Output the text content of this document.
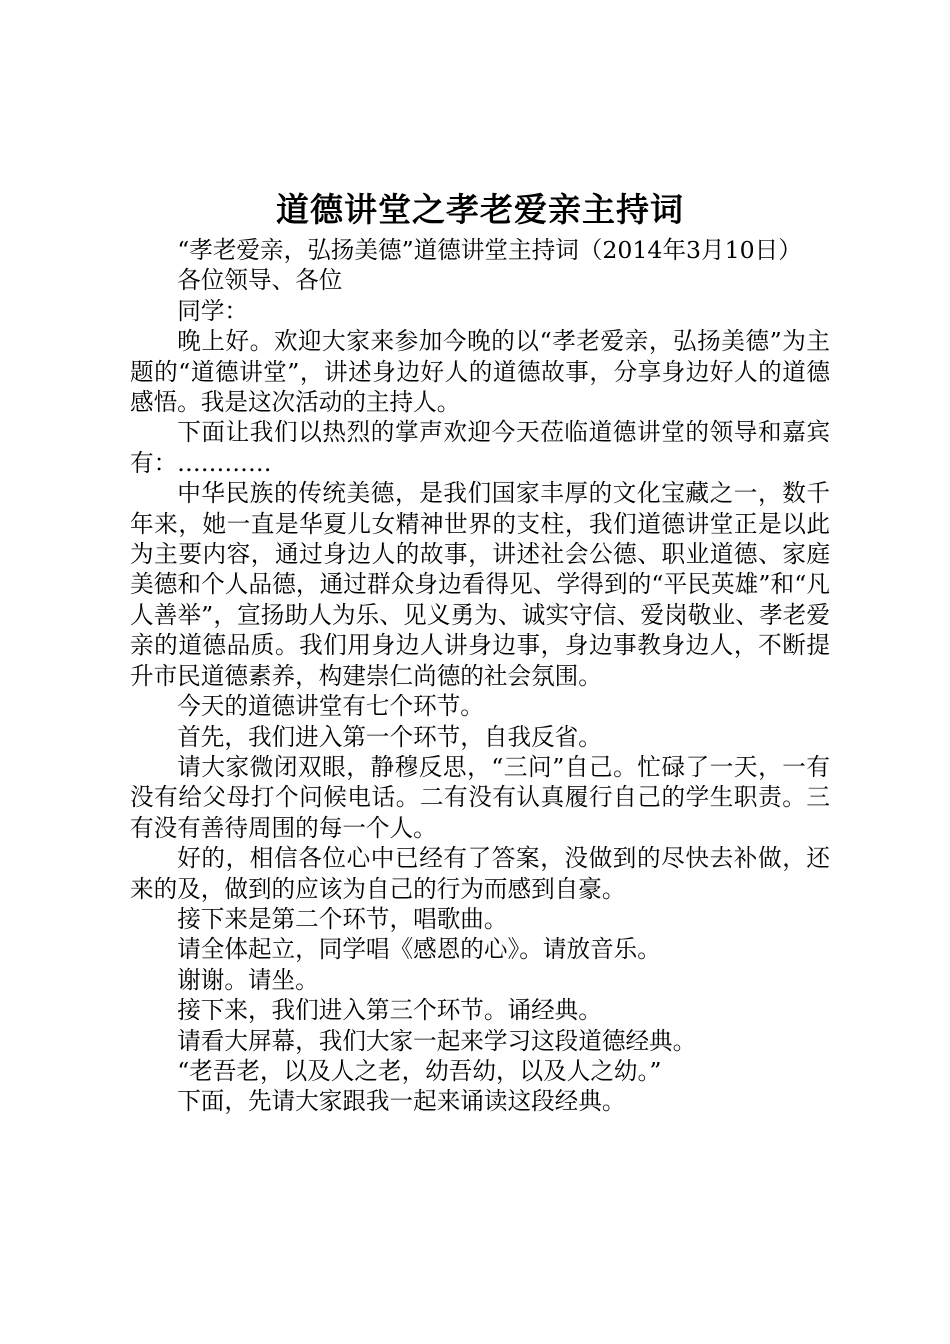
道德讲堂之孝老爱亲主持词

“孝老爱亲，弘扬美德”道德讲堂主持词（2014年3月10日）

各位领导、各位

同学：

晚上好。欢迎大家来参加今晚的以“孝老爱亲，弘扬美德”为主题的“道德讲堂”，讲述身边好人的道德故事，分享身边好人的道德感悟。我是这次活动的主持人。

下面让我们以热烈的掌声欢迎今天莅临道德讲堂的领导和嘉宾有：…………

中华民族的传统美德，是我们国家丰厚的文化宝藏之一，数千年来，她一直是华夏儿女精神世界的支柱，我们道德讲堂正是以此为主要内容，通过身边人的故事，讲述社会公德、职业道德、家庭美德和个人品德，通过群众身边看得见、学得到的“平民英雄”和“凡人善举”，宣扬助人为乐、见义勇为、诚实守信、爱岗敬业、孝老爱亲的道德品质。我们用身边人讲身边事，身边事教身边人，不断提升市民道德素养，构建崇仁尚德的社会氛围。

今天的道德讲堂有七个环节。

首先，我们进入第一个环节，自我反省。

请大家微闭双眼，静穆反思，“三问”自己。忙碌了一天，一有没有给父母打个问候电话。二有没有认真履行自己的学生职责。三有没有善待周围的每一个人。

好的，相信各位心中已经有了答案，没做到的尽快去补做，还来的及，做到的应该为自己的行为而感到自豪。

接下来是第二个环节，唱歌曲。

请全体起立，同学唱《感恩的心》。请放音乐。

谢谢。请坐。

接下来，我们进入第三个环节。诵经典。

请看大屏幕，我们大家一起来学习这段道德经典。

“老吾老，以及人之老，幼吾幼，以及人之幼。”

下面，先请大家跟我一起来诵读这段经典。
